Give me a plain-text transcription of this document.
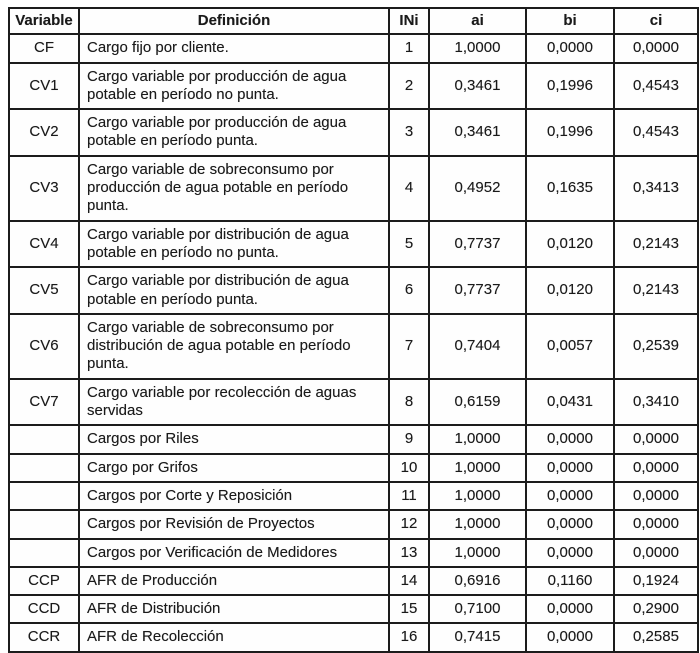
Variable	Definición	INi	ai	bi	ci
CF	Cargo fijo por cliente.	1	1,0000	0,0000	0,0000
CV1	Cargo variable por producción de agua potable en período no punta.	2	0,3461	0,1996	0,4543
CV2	Cargo variable por producción de agua potable en período punta.	3	0,3461	0,1996	0,4543
CV3	Cargo variable de sobreconsumo por producción de agua potable en período punta.	4	0,4952	0,1635	0,3413
CV4	Cargo variable por distribución de agua potable en período no punta.	5	0,7737	0,0120	0,2143
CV5	Cargo variable por distribución de agua potable en período punta.	6	0,7737	0,0120	0,2143
CV6	Cargo variable de sobreconsumo por distribución de agua potable en período punta.	7	0,7404	0,0057	0,2539
CV7	Cargo variable por recolección de aguas servidas	8	0,6159	0,0431	0,3410
	Cargos por Riles	9	1,0000	0,0000	0,0000
	Cargo por Grifos	10	1,0000	0,0000	0,0000
	Cargos por Corte y Reposición	11	1,0000	0,0000	0,0000
	Cargos por Revisión de Proyectos	12	1,0000	0,0000	0,0000
	Cargos por Verificación de Medidores	13	1,0000	0,0000	0,0000
CCP	AFR de Producción	14	0,6916	0,1160	0,1924
CCD	AFR de Distribución	15	0,7100	0,0000	0,2900
CCR	AFR de Recolección	16	0,7415	0,0000	0,2585
